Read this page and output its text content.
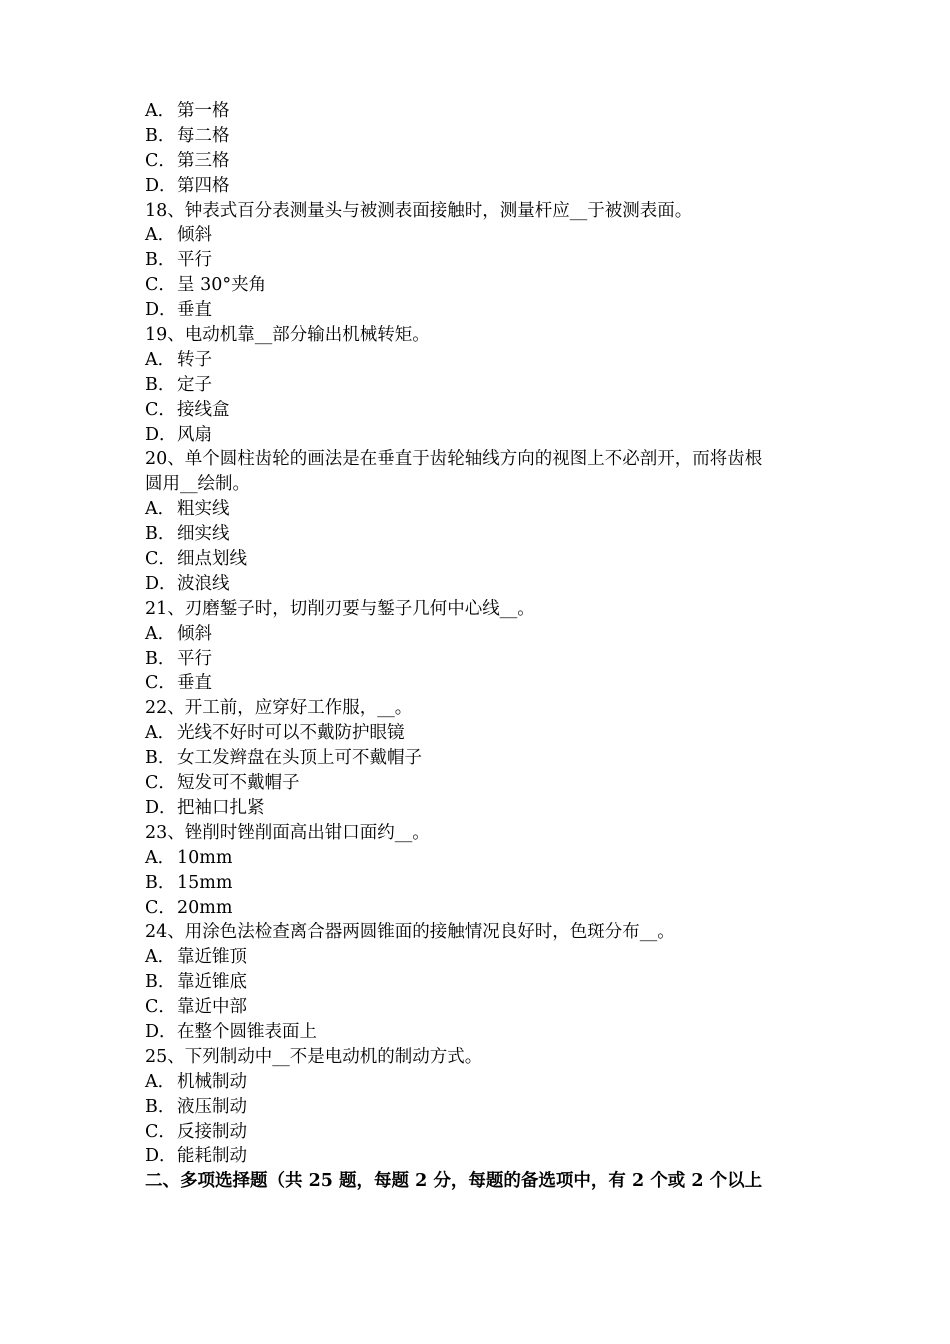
A． 第一格
B．每二格
C．第三格
D．第四格
18、钟表式百分表测量头与被测表面接触时，测量杆应__于被测表面。
A． 倾斜
B．平行
C．呈 30°夹角
D．垂直
19、电动机靠__部分输出机械转矩。
A． 转子
B．定子
C．接线盒
D．风扇
20、单个圆柱齿轮的画法是在垂直于齿轮轴线方向的视图上不必剖开，而将齿根
圆用__绘制。
A． 粗实线
B．细实线
C．细点划线
D．波浪线
21、刃磨錾子时，切削刃要与錾子几何中心线__。
A． 倾斜
B．平行
C．垂直
22、开工前，应穿好工作服，__。
A． 光线不好时可以不戴防护眼镜
B．女工发辫盘在头顶上可不戴帽子
C．短发可不戴帽子
D．把袖口扎紧
23、锉削时锉削面高出钳口面约__。
A． 10mm
B．15mm
C．20mm
24、用涂色法检查离合器两圆锥面的接触情况良好时，色斑分布__。
A． 靠近锥顶
B．靠近锥底
C．靠近中部
D．在整个圆锥表面上
25、下列制动中__不是电动机的制动方式。
A． 机械制动
B．液压制动
C．反接制动
D．能耗制动
二、多项选择题（共 25 题，每题 2 分，每题的备选项中，有 2 个或 2 个以上
